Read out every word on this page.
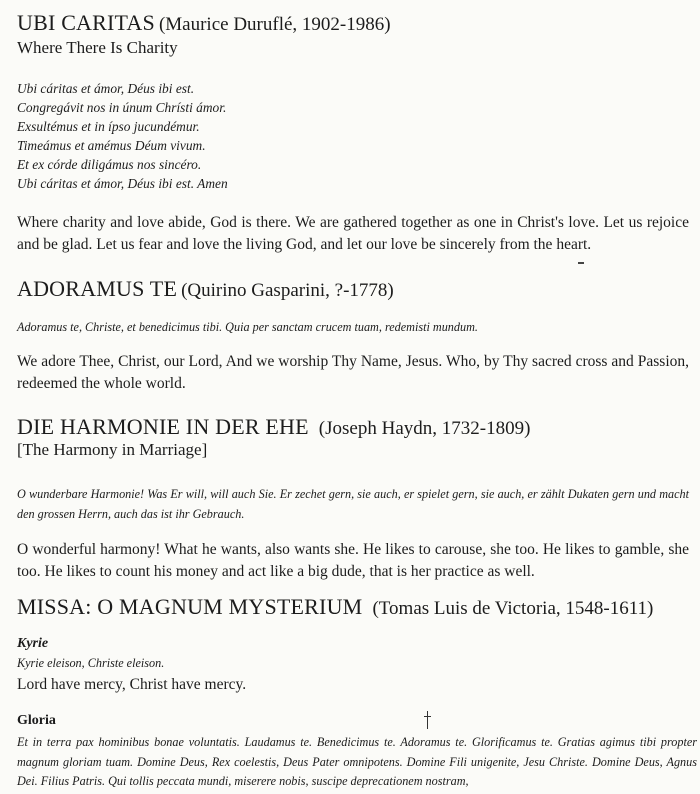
UBI CARITAS (Maurice Duruflé, 1902-1986)
Where There Is Charity
Ubi cáritas et ámor, Déus ibi est.
Congregávit nos in únum Chrísti ámor.
Exsultémus et in ípso jucundémur.
Timeámus et amémus Déum vivum.
Et ex córde diligámus nos sincéro.
Ubi cáritas et ámor, Déus ibi est. Amen
Where charity and love abide, God is there. We are gathered together as one in Christ's love. Let us rejoice and be glad. Let us fear and love the living God, and let our love be sincerely from the heart.
ADORAMUS TE (Quirino Gasparini, ?-1778)
Adoramus te, Christe, et benedicimus tibi. Quia per sanctam crucem tuam, redemisti mundum.
We adore Thee, Christ, our Lord, And we worship Thy Name, Jesus. Who, by Thy sacred cross and Passion, redeemed the whole world.
DIE HARMONIE IN DER EHE (Joseph Haydn, 1732-1809)
[The Harmony in Marriage]
O wunderbare Harmonie! Was Er will, will auch Sie. Er zechet gern, sie auch, er spielet gern, sie auch, er zählt Dukaten gern und macht den grossen Herrn, auch das ist ihr Gebrauch.
O wonderful harmony! What he wants, also wants she. He likes to carouse, she too. He likes to gamble, she too. He likes to count his money and act like a big dude, that is her practice as well.
MISSA: O MAGNUM MYSTERIUM (Tomas Luis de Victoria, 1548-1611)
Kyrie
Kyrie eleison, Christe eleison.
Lord have mercy, Christ have mercy.
Gloria
Et in terra pax hominibus bonae voluntatis. Laudamus te. Benedicimus te. Adoramus te. Glorificamus te. Gratias agimus tibi propter magnum gloriam tuam. Domine Deus, Rex coelestis, Deus Pater omnipotens. Domine Fili unigenite, Jesu Christe. Domine Deus, Agnus Dei. Filius Patris. Qui tollis peccata mundi, miserere nobis, suscipe deprecationem nostram,
